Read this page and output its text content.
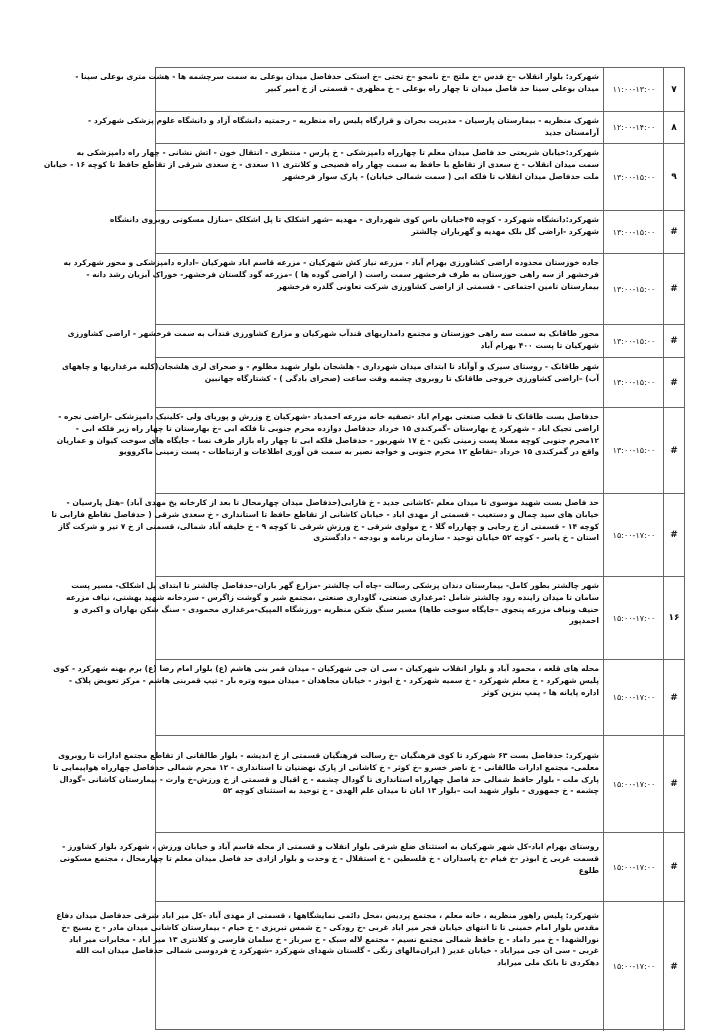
۷
۱۱:۰۰-۱۳:۰۰
شهرکرد: بلوار انقلاب –خ قدس –خ ملتج –خ نامجو –خ تختی –خ استکی حدفاصل میدان بوعلی به سمت سرچشمه ها - هشت متری بوعلی سینا -
میدان بوعلی سینا حد فاصل میدان تا چهار راه بوعلی – خ مظهری - قسمتی از خ امیر کبیر
۸
۱۲:۰۰-۱۴:۰۰
شهرک منظریه - بیمارستان پارسیان - مدیریت بحران و قرارگاه پلیس راه منظریه – رحمتیه دانشگاه آزاد و دانشگاه علوم پزشکی شهرکرد -
آرامستان جدید
۹
۱۳:۰۰-۱۵:۰۰
شهرکرد:خیابان شریعتی حد فاصل میدان معلم تا چهارراه دامپزشکی - خ پارس - منتظری - انتقال خون - اتش نشانی - چهار راه دامپزشکی به
سمت میدان انقلاب - خ سعدی از تقاطع با حافظ به سمت چهار راه فصیحی و کلانتری ۱۱ سعدی - خ سعدی شرقی از تقاطع حافظ تا کوچه ۱۶ - خیابان
ملت حدفاصل میدان انقلاب تا فلکه ابی ( سمت شمالی خیابان) - پارک سوار فرخشهر
#
۱۳:۰۰-۱۵:۰۰
شهرکرد:دانشگاه شهرکرد - کوچه ۴۵خیابان باس کوی شهرداری - مهدیه –شهر اشکلک تا پل اشکلک –منازل مسکونی روبروی دانشگاه
شهرکرد -اراضی گل بلک مهدیه و گهرباران چالشتر
#
۱۳:۰۰-۱۵:۰۰
جاده خوزستان محدوده اراضی کشاورزی بهرام آباد - مزرعه نیاز کش شهرکیان - مزرعه قاسم اباد شهرکیان –اداره دامپزشکی و محور شهرکرد به
فرخشهر از سه راهی خوزستان به طرف فرخشهر سمت راست ( اراضی گوده ها ) –مزرعه گود گلستان فرخشهر- خوراک آبزیان رشد دانه -
بیمارستان تامین اجتماعی - قسمتی از اراضی کشاورزی شرکت تعاونی گلدره فرخشهر
#
۱۳:۰۰-۱۵:۰۰
محور طاقانک به سمت سه راهی خوزستان و مجتمع دامداریهای قندآب شهرکیان و مزارع کشاورزی قندآب به سمت فرخشهر - اراضی کشاورزی
شهرکیان تا پست ۴۰۰ بهرام آباد
#
۱۳:۰۰-۱۵:۰۰
شهر طاقانک - روستای سیرک و آوآباد تا ابتدای میدان شهرداری - هلشجان بلوار شهید مظلوم - و صحرای لری هلشجان(کلیه مرغداریها و چاههای
آب) –اراضی کشاورزی خروجی طاقانک تا روبروی چشمه وقت ساعت (صحرای بادگی ) - کشتارگاه جهانبین
#
۱۳:۰۰-۱۵:۰۰
حدفاصل بست طاقانک تا قطب صنعتی بهرام اباد -تصفیه خانه مزرعه احمدیاد -شهرکیان خ وزرش و پوریای ولی -کلینیک دامپزشکی -اراضی نجره -
اراضی تجیک اباد - شهرکرد خ بهارستان –گمرکندی ۱۵ خرداد حدفاصل دوازده محرم جنوبی تا فلکه ابی –خ بهارستان تا چهار راه زیر فلکه ابی -
۱۲محرم جنوبی کوچه مسلا پست زمینی تکین - خ ۱۷ شهریور - حدفاصل فلکه ابی تا چهار راه بازار طرف نسا - جایگاه های سوخت کیوان و عماریان
واقع در گمرکندی ۱۵ خرداد –تقاطع ۱۲ محرم جنوبی و خواجه نصیر به سمت فن آوری اطلاعات و ارتباطات - پست زمینی ماکروویو
#
۱۵:۰۰-۱۷:۰۰
حد فاصل بست شهید موسوی تا میدان معلم -کاشانی جدید - خ فارابی(حدفاصل میدان چهارمحال تا بعد از کارخانه یخ مهدی آباد) –هتل پارسیان -
خیابان های سید چمال و دستغیب - قسمتی از مهدی اباد - خیابان کاشانی از تقاطع حافظ تا استانداری - خ سعدی شرقی ( حدفاصل تقاطع فارابی تا
کوچه ۱۴ - قسمتی از خ رجایی و چهارراه گلا - خ مولوی شرقی - خ ورزش شرقی تا کوچه ۹ - خ خلیفه آباد شمالی، قسمتی از خ ۷ تیر و شرکت گاز
استان - خ یاسر - کوچه ۵۲ خیابان توحید - سازمان برنامه و بودجه - دادگستری
۱۶
۱۵:۰۰-۱۷:۰۰
شهر چالشتر بطور کامل- بیمارستان دندان پزشکی رسالت -چاه آب چالشتر -مزارع گهر باران–حدفاصل چالشتر تا ابتدای پل اشکلک- مسیر پست
سامان تا میدان زاینده رود چالشتر شامل :مرغداری صنعتی، گاوداری صنعتی ،مجتمع شیر و گوشت زاگرس - سردخانه شهید بهشتی، نیاف مزرعه
حنیف ونیاف مزرعه پنجوی –جایگاه سوخت طاها) مسیر سنگ شکن منظریه –ورزشگاه المپیک-مرغداری محمودی - سنگ شکن بهاران و اکبری و
احمدپور
#
۱۵:۰۰-۱۷:۰۰
محله های قلعه ، محمود آباد و بلوار انقلاب شهرکیان - سی ان جی شهرکیان - میدان قمر بنی هاشم (ع) بلوار امام رضا (ع) برم بهنه شهرکرد - کوی
پلیس شهرکرد - خ معلم شهرکرد - خ سمیه شهرکرد - خ ابوذر - خیابان مجاهدان - میدان میوه وتره بار - تیپ قمربنی هاشم - مرکز تعویض پلاک -
اداره پایانه ها - پمپ بنزین کوثر
#
۱۵:۰۰-۱۷:۰۰
شهرکرد: حدفاصل بست ۶۳ شهرکرد تا کوی فرهنگیان –خ رسالت فرهنگیان قسمتی از خ اندیشه - بلوار طالقانی از تقاطع مجتمع ادارات تا روبروی
معلمی- مجتمع ادارات طالقانی - خ ناصر خسرو –خ کوثر - خ کاشانی از پارک نهضتیان تا استانداری - ۱۲ محرم شمالی حدفاصل چهارراه هواپیمایی تا
پارک ملت - بلوار حافظ شمالی حد فاصل چهارراه استانداری تا گودال چشمه - خ اقبال و قسمتی از خ ورزش–خ وارث - بیمارستان کاشانی –گودال
چشمه - خ جمهوری - بلوار شهید ابت –بلوار ۱۳ ابان تا میدان علم الهدی - خ توحید به استثنای کوچه ۵۲
#
۱۵:۰۰-۱۷:۰۰
روستای بهرام اباد-کل شهر شهرکیان به استثنای ضلع شرقی بلوار انقلاب و قسمتی از محله قاسم آباد و خیابان ورزش ، شهرکرد بلوار کشاورز -
قسمت غربی خ ابوذر -خ فیام -خ پاسداران - خ فلسطین - خ استقلال - خ وحدت و بلوار ازادی حد فاصل میدان معلم تا چهارمحال ، مجتمع مسکونی
طلوع
#
۱۵:۰۰-۱۷:۰۰
شهرکرد: پلیس راهور منظریه ، خانه معلم ، مجتمع پردیس ،محل دائمی نمایشگاهها ، قسمتی از مهدی آباد -کل میر اباد شرقی حدفاصل میدان دفاع
مقدس بلوار امام خمینی تا تا انتهای خیابان فجر میر اباد غربی -خ رودکی - خ شمس تبریزی - خ خیام - بیمارستان کاشانی میدان مادر - خ بسیج -خ
نورالشهدا - خ میر داماد - خ حافظ شمالی مجتمع نسیم - مجتمع لاله سبک - خ سرباز - خ سلمان فارسی و کلانتری ۱۳ میر اباد - مخابرات میر اباد
غربی - سی ان جی میراباد - خیابان غدیر ( ایران‌مالهای زنگی - گلستان شهدای شهرکرد -شهرکرد خ فردوسی شمالی حدفاصل میدان ابت الله
دهکردی تا بانک ملی میراباد
